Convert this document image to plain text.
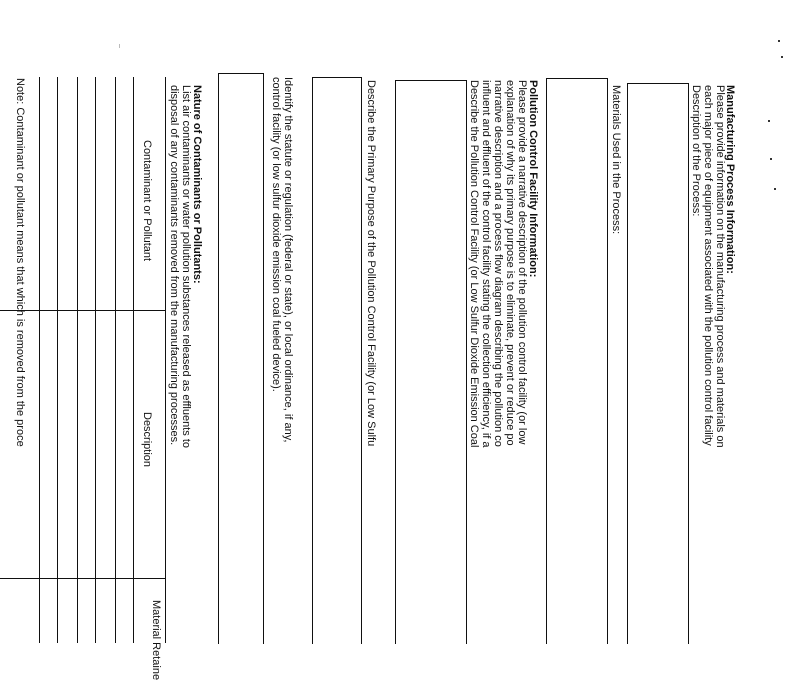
Manufacturing Process Information:
Please provide information on the manufacturing process and materials on
each major piece of equipment associated with the pollution control facility
Description of the Process:
Materials Used in the Process:
Pollution Control Facility Information:
Please provide a narrative description of the pollution control facility (or low
explanation of why its primary purpose is to eliminate, prevent or reduce po
narrative description and a process flow diagram describing the pollution co
influent and effluent of the control facility stating the collection efficiency, if a
Describe the Pollution Control Facility (or Low Sulfur Dioxide Emission Coal
Describe the Primary Purpose of the Pollution Control Facility (or Low Sulfu
Identify the statute or regulation (federal or state), or local ordinance, if any,
control facility (or low sulfur dioxide emission coal fueled device).
Nature of Contaminants or Pollutants:
List air contaminants or water pollution substances released as effluents to
disposal of any contaminants removed from the manufacturing processes.
Contaminant or Pollutant
Description
Material Retaine
Note: Contaminant or pollutant means that which is removed from the proce
